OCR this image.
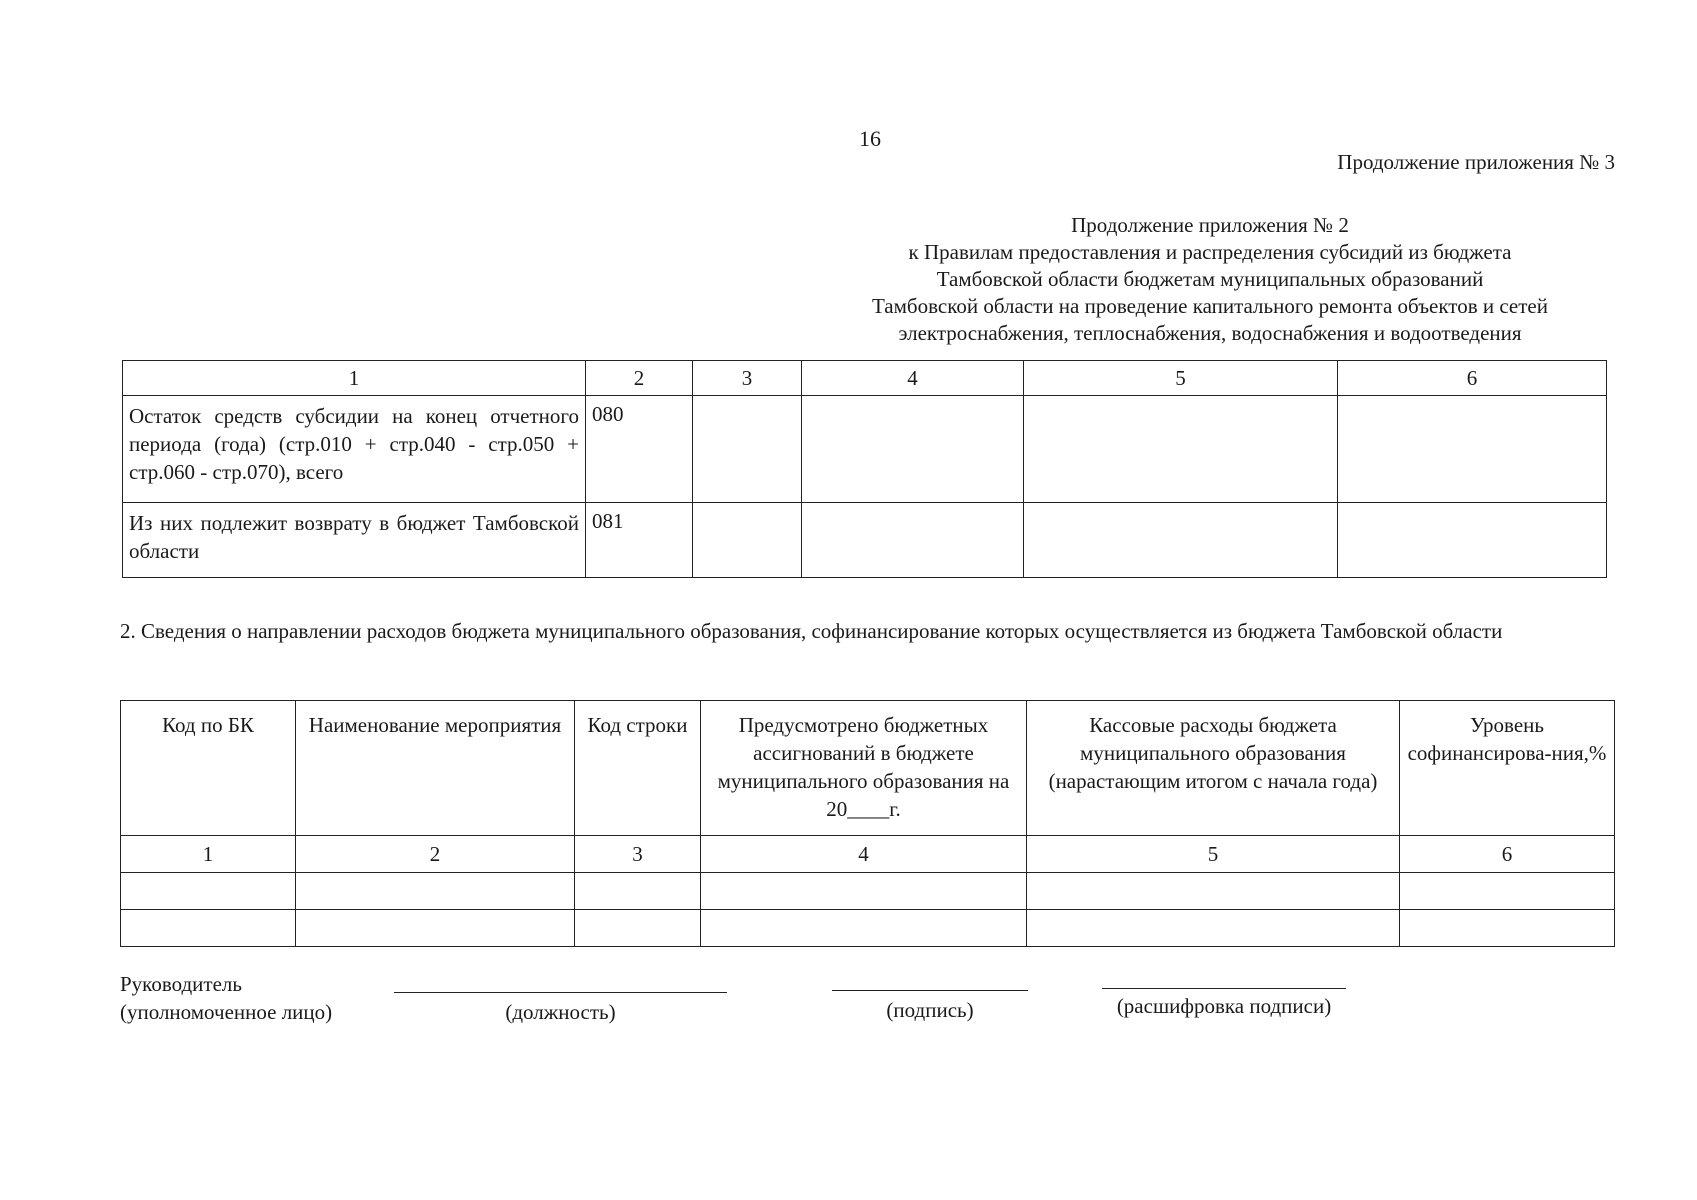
16
Продолжение приложения № 3
Продолжение приложения № 2
к Правилам предоставления и распределения субсидий из бюджета
Тамбовской области бюджетам муниципальных образований
Тамбовской области на проведение капитального ремонта объектов и сетей
электроснабжения, теплоснабжения, водоснабжения и водоотведения
1	2	3	4	5	6
Остаток средств субсидии на конец отчетного периода (года) (стр.010 + стр.040 - стр.050 + стр.060 - стр.070), всего	080				
Из них подлежит возврату в бюджет Тамбовской области	081				
2. Сведения о направлении расходов бюджета муниципального образования, софинансирование которых осуществляется из бюджета Тамбовской области
Код по БК	Наименование мероприятия	Код строки	Предусмотрено бюджетных ассигнований в бюджете муниципального образования на 20____г.	Кассовые расходы бюджета муниципального образования (нарастающим итогом с начала года)	Уровень софинансирова-ния,%
1	2	3	4	5	6

Руководитель
(уполномоченное лицо)	(должность)	(подпись)	(расшифровка подписи)
